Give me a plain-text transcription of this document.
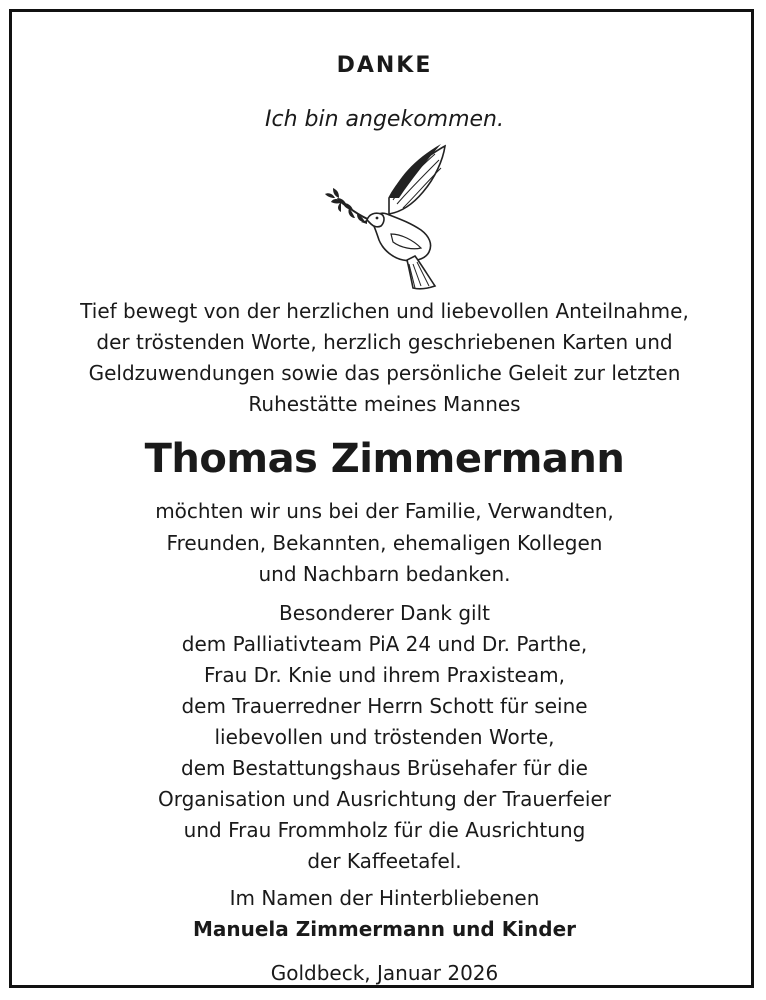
DANKE
Ich bin angekommen.
Tief bewegt von der herzlichen und liebevollen Anteilnahme,
der tröstenden Worte, herzlich geschriebenen Karten und
Geldzuwendungen sowie das persönliche Geleit zur letzten
Ruhestätte meines Mannes
Thomas Zimmermann
möchten wir uns bei der Familie, Verwandten,
Freunden, Bekannten, ehemaligen Kollegen
und Nachbarn bedanken.
Besonderer Dank gilt
dem Palliativteam PiA 24 und Dr. Parthe,
Frau Dr. Knie und ihrem Praxisteam,
dem Trauerredner Herrn Schott für seine
liebevollen und tröstenden Worte,
dem Bestattungshaus Brüsehafer für die
Organisation und Ausrichtung der Trauerfeier
und Frau Frommholz für die Ausrichtung
der Kaffeetafel.
Im Namen der Hinterbliebenen
Manuela Zimmermann und Kinder
Goldbeck, Januar 2026
